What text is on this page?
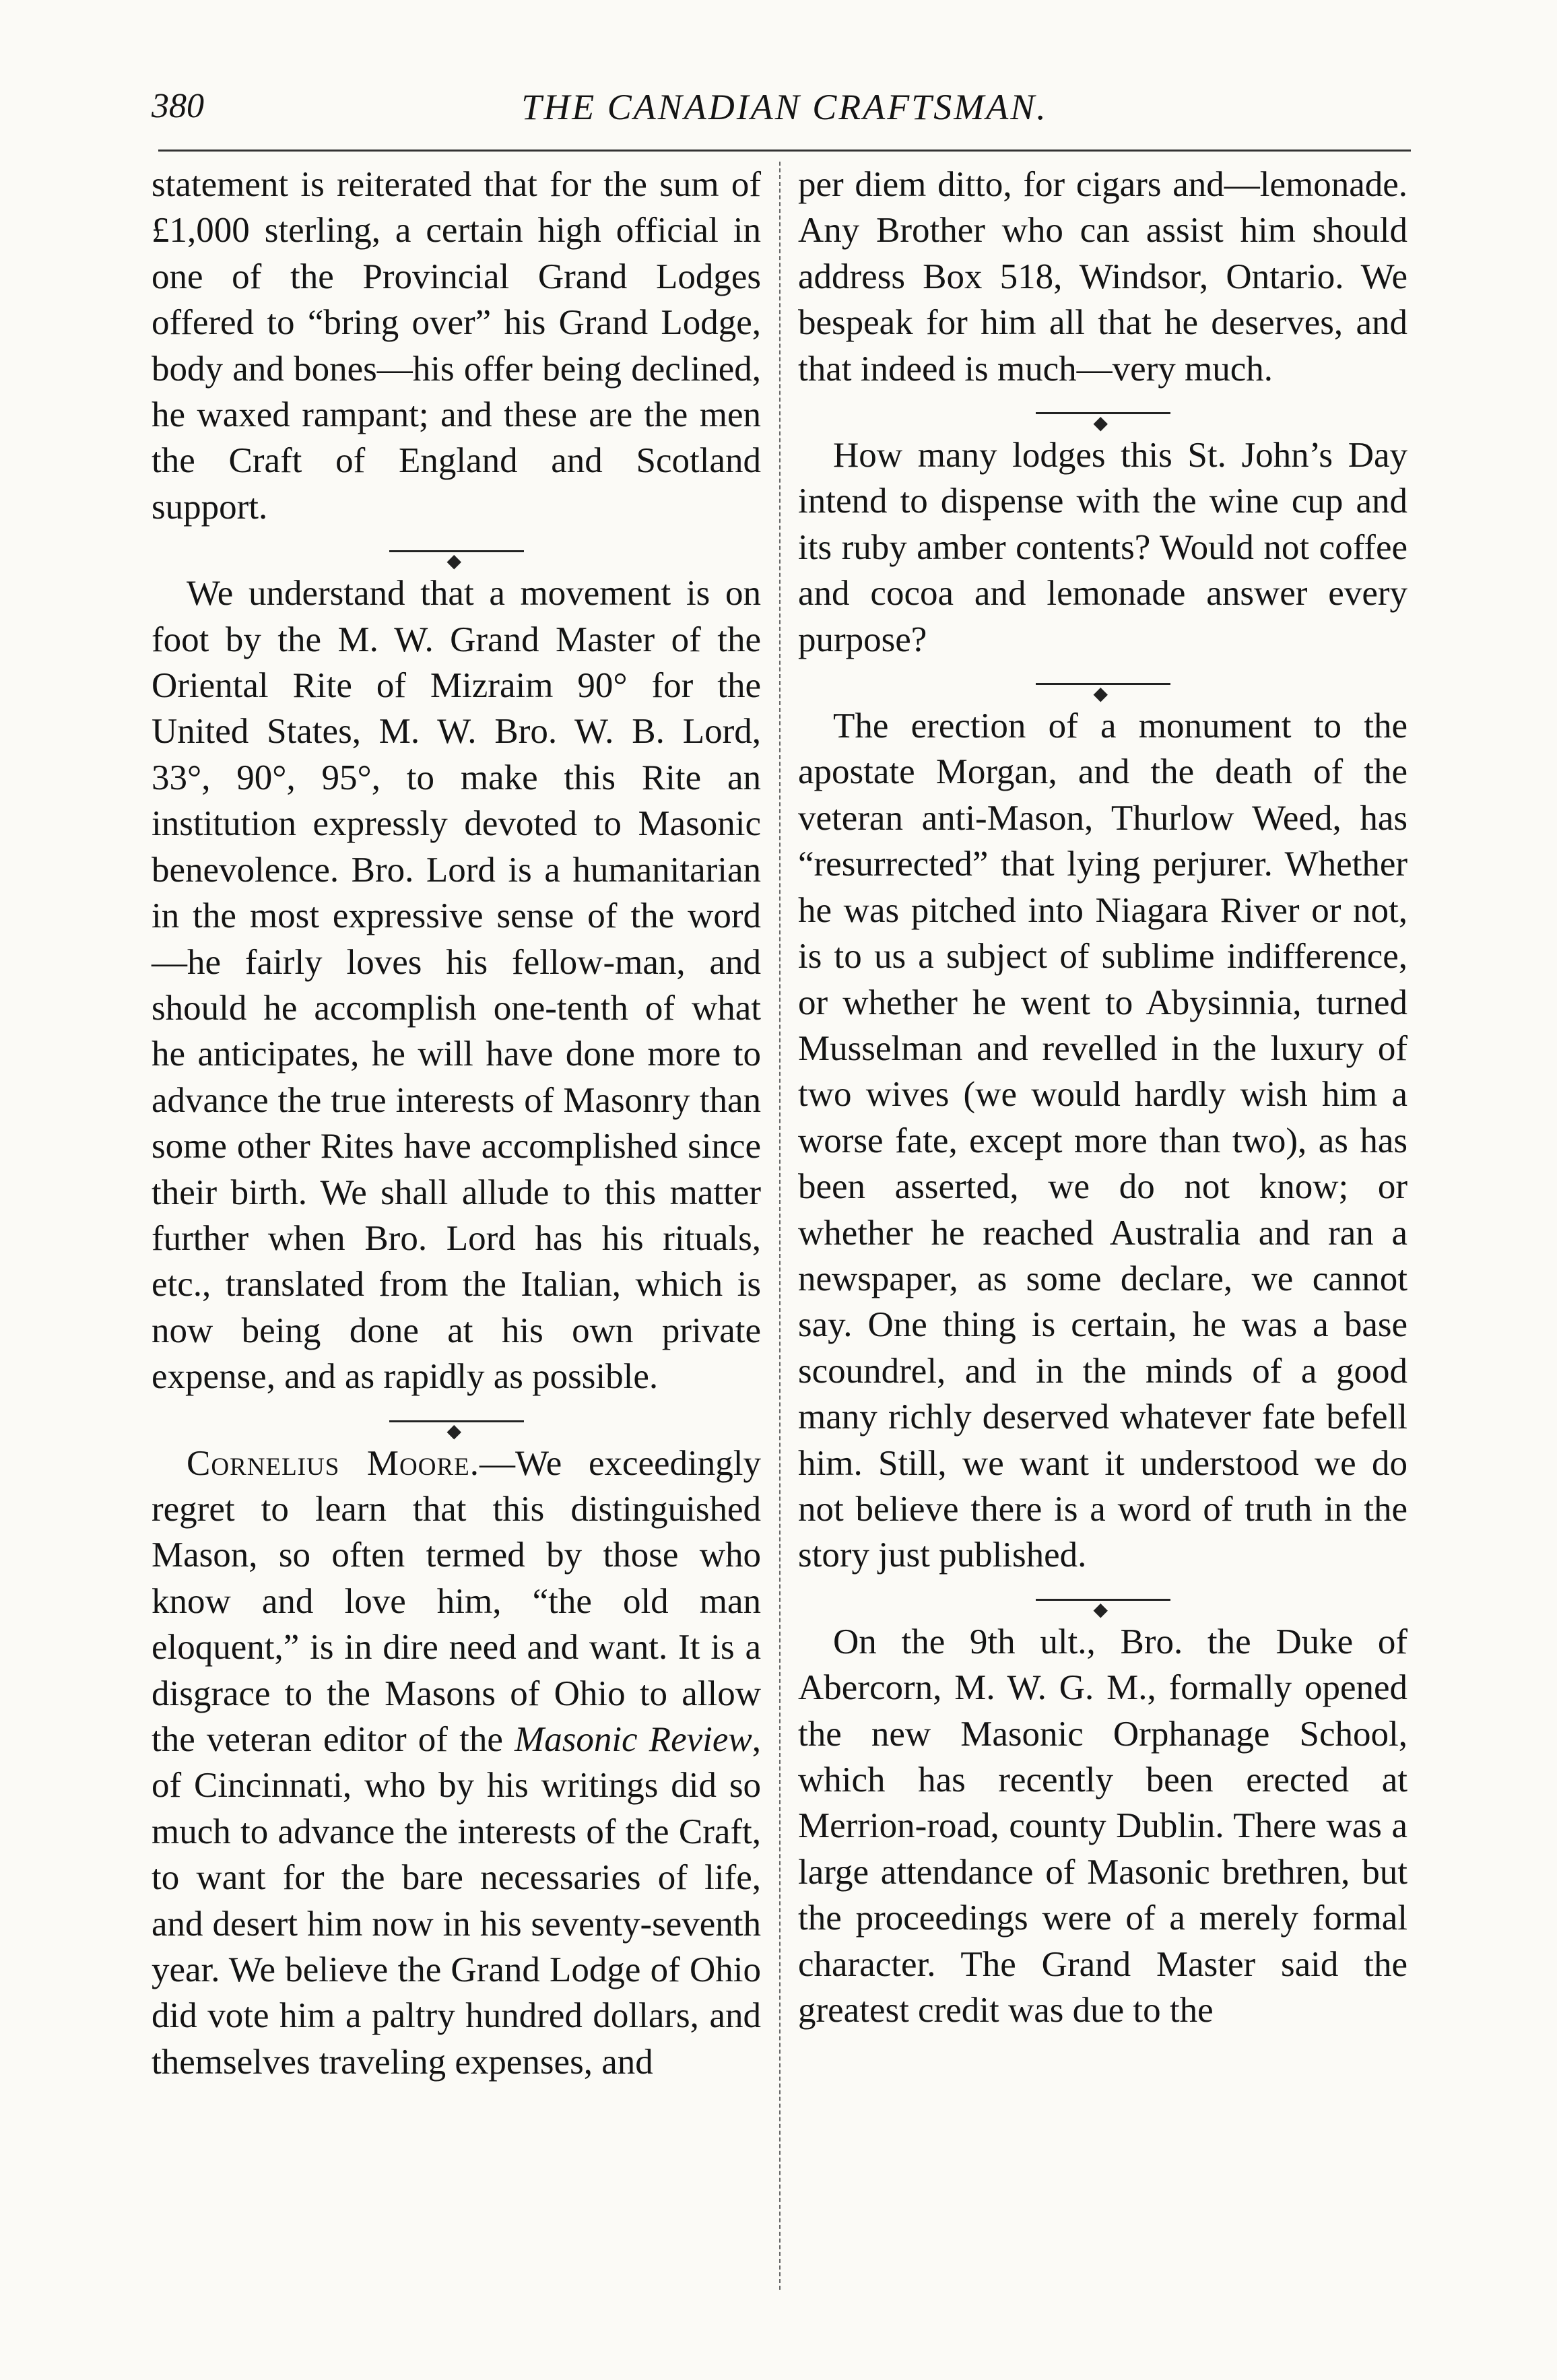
380	THE CANADIAN CRAFTSMAN.

statement is reiterated that for the sum of £1,000 sterling, a certain high official in one of the Provincial Grand Lodges offered to “bring over” his Grand Lodge, body and bones—his offer being declined, he waxed rampant; and these are the men the Craft of England and Scotland support.

◆

We understand that a movement is on foot by the M. W. Grand Master of the Oriental Rite of Mizraim 90° for the United States, M. W. Bro. W. B. Lord, 33°, 90°, 95°, to make this Rite an institution expressly devoted to Masonic benevolence. Bro. Lord is a humanitarian in the most expressive sense of the word—he fairly loves his fellow-man, and should he accomplish one-tenth of what he anticipates, he will have done more to advance the true interests of Masonry than some other Rites have accomplished since their birth. We shall allude to this matter further when Bro. Lord has his rituals, etc., translated from the Italian, which is now being done at his own private expense, and as rapidly as possible.

◆

Cornelius Moore.—We exceedingly regret to learn that this distinguished Mason, so often termed by those who know and love him, “the old man eloquent,” is in dire need and want. It is a disgrace to the Masons of Ohio to allow the veteran editor of the Masonic Review, of Cincinnati, who by his writings did so much to advance the interests of the Craft, to want for the bare necessaries of life, and desert him now in his seventy-seventh year. We believe the Grand Lodge of Ohio did vote him a paltry hundred dollars, and themselves traveling expenses, and

per diem ditto, for cigars and—lemonade. Any Brother who can assist him should address Box 518, Windsor, Ontario. We bespeak for him all that he deserves, and that indeed is much—very much.

◆

How many lodges this St. John’s Day intend to dispense with the wine cup and its ruby amber contents? Would not coffee and cocoa and lemonade answer every purpose?

◆

The erection of a monument to the apostate Morgan, and the death of the veteran anti-Mason, Thurlow Weed, has “resurrected” that lying perjurer. Whether he was pitched into Niagara River or not, is to us a subject of sublime indifference, or whether he went to Abysinnia, turned Musselman and revelled in the luxury of two wives (we would hardly wish him a worse fate, except more than two), as has been asserted, we do not know; or whether he reached Australia and ran a newspaper, as some declare, we cannot say. One thing is certain, he was a base scoundrel, and in the minds of a good many richly deserved whatever fate befell him. Still, we want it understood we do not believe there is a word of truth in the story just published.

◆

On the 9th ult., Bro. the Duke of Abercorn, M. W. G. M., formally opened the new Masonic Orphanage School, which has recently been erected at Merrion-road, county Dublin. There was a large attendance of Masonic brethren, but the proceedings were of a merely formal character. The Grand Master said the greatest credit was due to the
